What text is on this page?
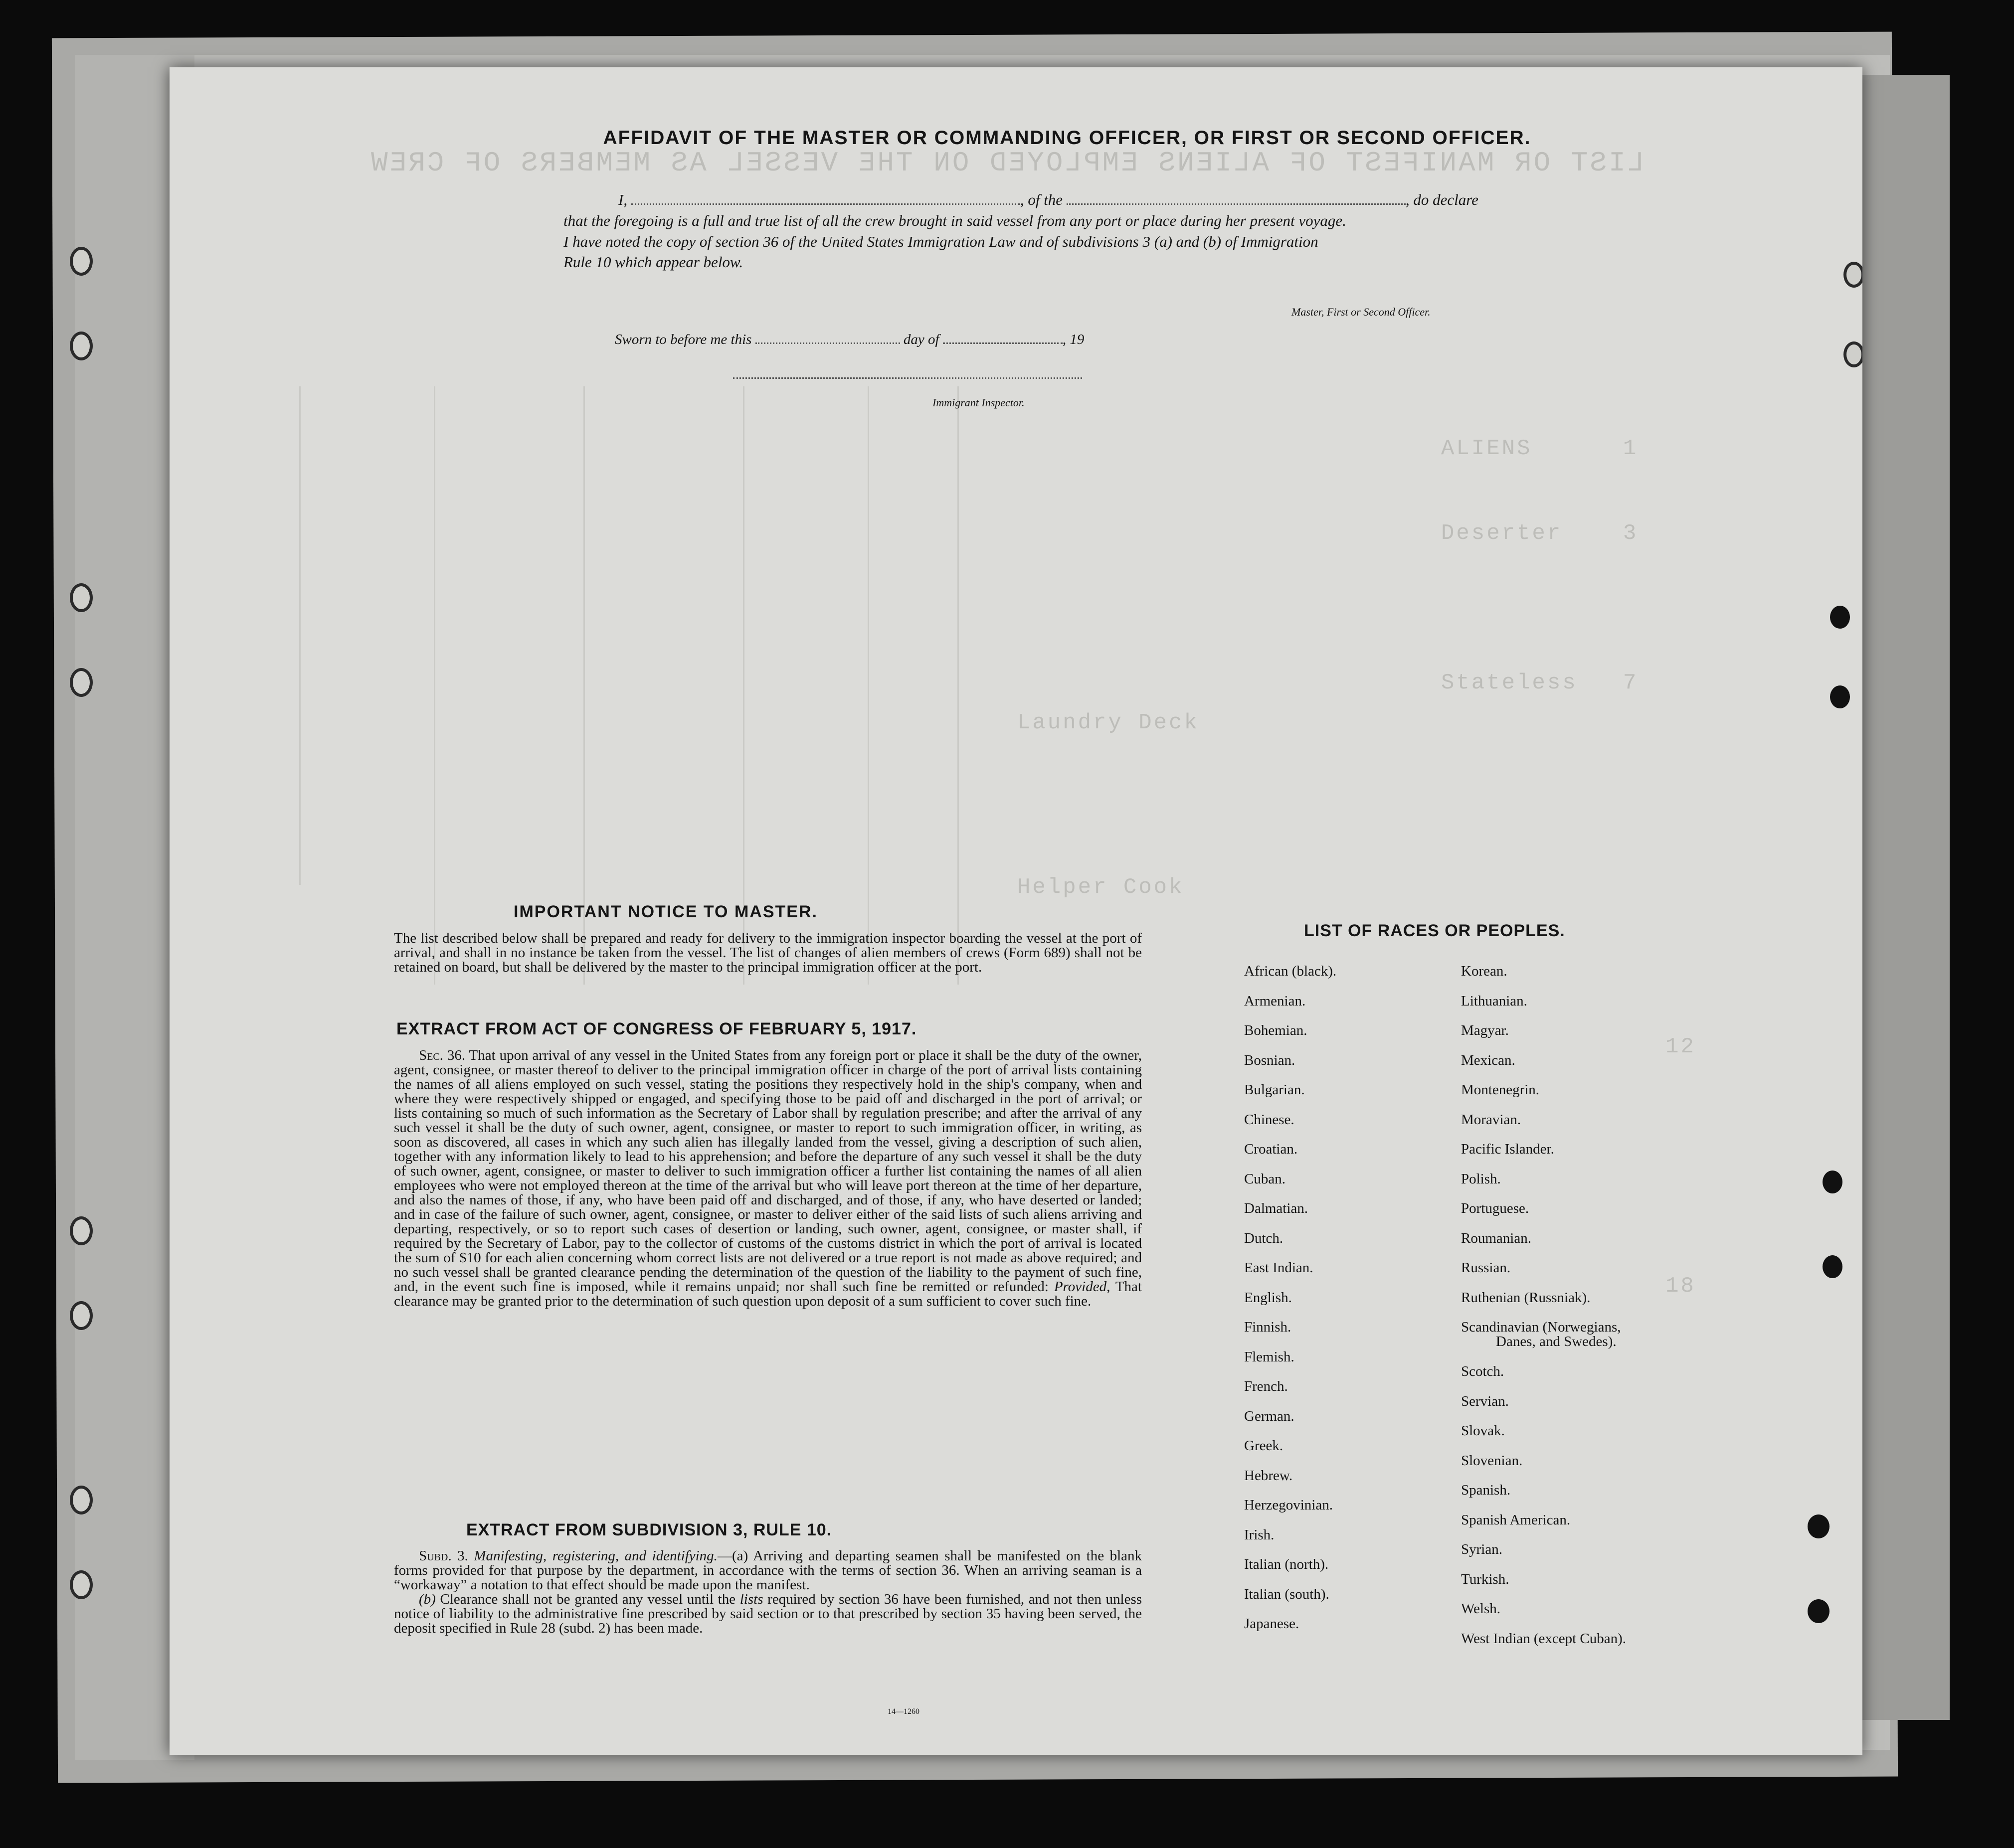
LIST OR MANIFEST OF ALIENS EMPLOYED ON THE VESSEL AS MEMBERS OF CREW
ALIENS      1
Deserter    3
Stateless   7
Laundry Deck
Helper Cook
12
18
AFFIDAVIT OF THE MASTER OR COMMANDING OFFICER, OR FIRST OR SECOND OFFICER.
I,	, of the	, do declare
that the foregoing is a full and true list of all the crew brought in said vessel from any port or place during her present voyage.
I have noted the copy of section 36 of the United States Immigration Law and of subdivisions 3 (a) and (b) of Immigration
Rule 10 which appear below.
Master, First or Second Officer.
Sworn to before me this	day of	, 19
Immigrant Inspector.
IMPORTANT NOTICE TO MASTER.
The list described below shall be prepared and ready for delivery to the immigration inspector boarding the vessel at the port of arrival, and shall in no instance be taken from the vessel. The list of changes of alien members of crews (Form 689) shall not be retained on board, but shall be delivered by the master to the principal immigration officer at the port.
EXTRACT FROM ACT OF CONGRESS OF FEBRUARY 5, 1917.
Sec. 36. That upon arrival of any vessel in the United States from any foreign port or place it shall be the duty of the owner, agent, consignee, or master thereof to deliver to the principal immigration officer in charge of the port of arrival lists containing the names of all aliens employed on such vessel, stating the positions they respectively hold in the ship's company, when and where they were respectively shipped or engaged, and specifying those to be paid off and discharged in the port of arrival; or lists containing so much of such information as the Secretary of Labor shall by regulation prescribe; and after the arrival of any such vessel it shall be the duty of such owner, agent, consignee, or master to report to such immigration officer, in writing, as soon as discovered, all cases in which any such alien has illegally landed from the vessel, giving a description of such alien, together with any information likely to lead to his apprehension; and before the departure of any such vessel it shall be the duty of such owner, agent, consignee, or master to deliver to such immigration officer a further list containing the names of all alien employees who were not employed thereon at the time of the arrival but who will leave port thereon at the time of her departure, and also the names of those, if any, who have been paid off and discharged, and of those, if any, who have deserted or landed; and in case of the failure of such owner, agent, consignee, or master to deliver either of the said lists of such aliens arriving and departing, respectively, or so to report such cases of desertion or landing, such owner, agent, consignee, or master shall, if required by the Secretary of Labor, pay to the collector of customs of the customs district in which the port of arrival is located the sum of $10 for each alien concerning whom correct lists are not delivered or a true report is not made as above required; and no such vessel shall be granted clearance pending the determination of the question of the liability to the payment of such fine, and, in the event such fine is imposed, while it remains unpaid; nor shall such fine be remitted or refunded: Provided, That clearance may be granted prior to the determination of such question upon deposit of a sum sufficient to cover such fine.
EXTRACT FROM SUBDIVISION 3, RULE 10.

Subd. 3. Manifesting, registering, and identifying.—(a) Arriving and departing seamen shall be manifested on the blank forms provided for that purpose by the department, in accordance with the terms of section 36. When an arriving seaman is a “workaway” a notation to that effect should be made upon the manifest.

(b) Clearance shall not be granted any vessel until the lists required by section 36 have been furnished, and not then unless notice of liability to the administrative fine prescribed by said section or to that prescribed by section 35 having been served, the deposit specified in Rule 28 (subd. 2) has been made.

14—1260
LIST OF RACES OR PEOPLES.
African (black).
Armenian.
Bohemian.
Bosnian.
Bulgarian.
Chinese.
Croatian.
Cuban.
Dalmatian.
Dutch.
East Indian.
English.
Finnish.
Flemish.
French.
German.
Greek.
Hebrew.
Herzegovinian.
Irish.
Italian (north).
Italian (south).
Japanese.
Korean.
Lithuanian.
Magyar.
Mexican.
Montenegrin.
Moravian.
Pacific Islander.
Polish.
Portuguese.
Roumanian.
Russian.
Ruthenian (Russniak).
Scandinavian (Norwegians,
Danes, and Swedes).
Scotch.
Servian.
Slovak.
Slovenian.
Spanish.
Spanish American.
Syrian.
Turkish.
Welsh.
West Indian (except Cuban).
